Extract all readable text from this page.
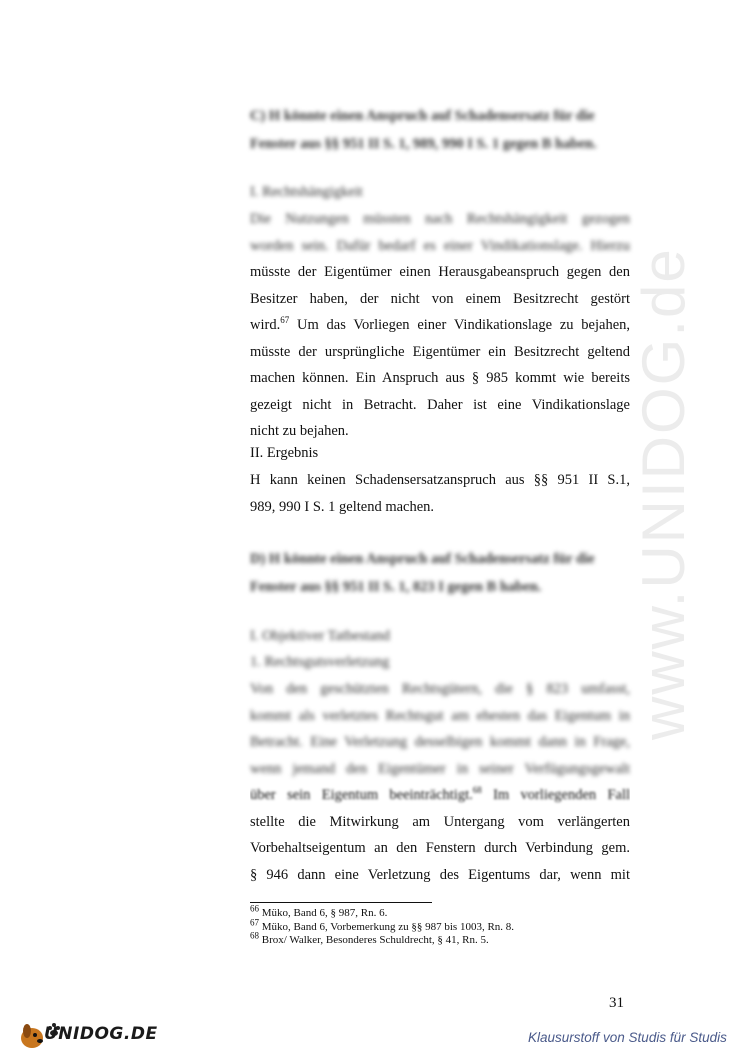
www.UNIDOG.de
C) H könnte einen Anspruch auf Schadensersatz für die
Fenster aus §§ 951 II S. 1, 989, 990 I S. 1 gegen B haben.
I. Rechtshängigkeit
Die Nutzungen müssten nach Rechtshängigkeit gezogen
worden sein. Dafür bedarf es einer Vindikationslage. Hierzu
müsste der Eigentümer einen Herausgabeanspruch gegen den
Besitzer haben, der nicht von einem Besitzrecht gestört
wird.$^{67}$ Um das Vorliegen einer Vindikationslage zu bejahen,
müsste der ursprüngliche Eigentümer ein Besitzrecht geltend
machen können. Ein Anspruch aus § 985 kommt wie bereits
gezeigt nicht in Betracht. Daher ist eine Vindikationslage
nicht zu bejahen.
II. Ergebnis
H kann keinen Schadensersatzanspruch aus §§ 951 II S.1,
989, 990 I S. 1 geltend machen.
D) H könnte einen Anspruch auf Schadensersatz für die
Fenster aus §§ 951 II S. 1, 823 I gegen B haben.
I. Objektiver Tatbestand
1. Rechtsgutsverletzung
Von den geschützten Rechtsgütern, die § 823 umfasst,
kommt als verletztes Rechtsgut am ehesten das Eigentum in
Betracht. Eine Verletzung desselbigen kommt dann in Frage,
wenn jemand den Eigentümer in seiner Verfügungsgewalt
über sein Eigentum beeinträchtigt.$^{68}$ Im vorliegenden Fall
stellte die Mitwirkung am Untergang vom verlängerten
Vorbehaltseigentum an den Fenstern durch Verbindung gem.
§ 946 dann eine Verletzung des Eigentums dar, wenn mit
$^{66}$ Müko, Band 6, § 987, Rn. 6.
$^{67}$ Müko, Band 6, Vorbemerkung zu §§ 987 bis 1003, Rn. 8.
$^{68}$ Brox/ Walker, Besonderes Schuldrecht, § 41, Rn. 5.
31
UNIDOG.DE	Klausurstoff von Studis für Studis
